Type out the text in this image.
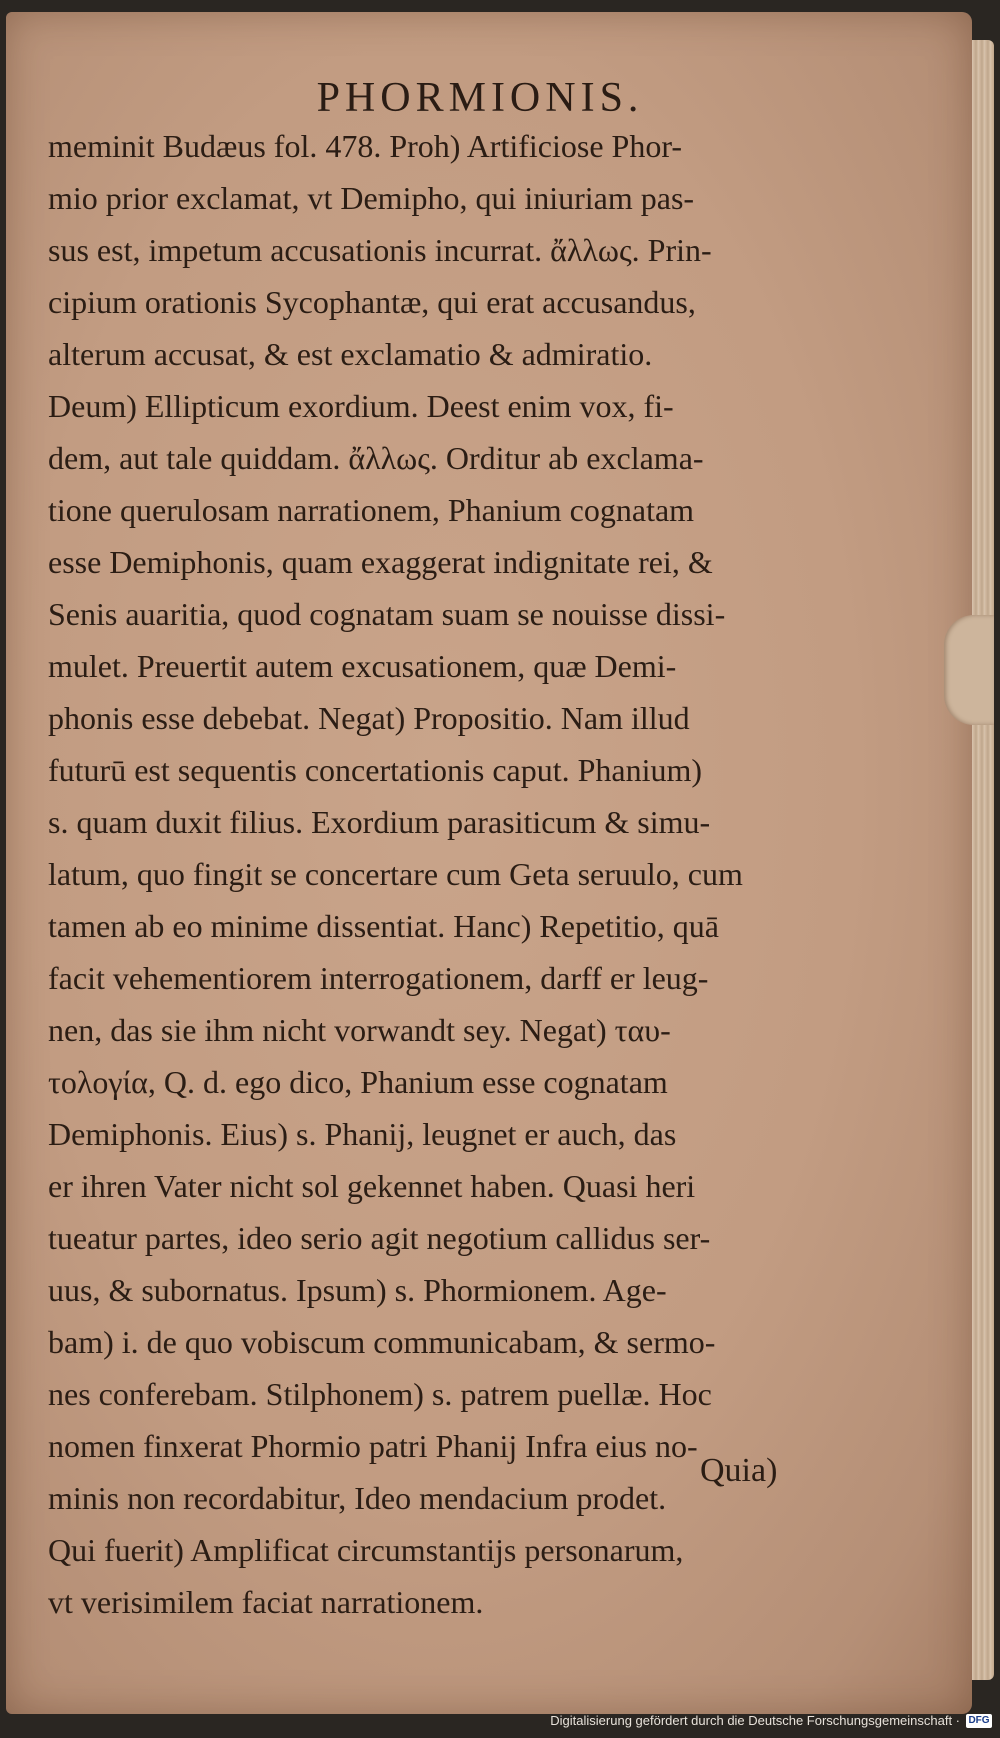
PHORMIONIS.
meminit Budæus fol. 478. Proh) Artificiose Phor-
mio prior exclamat, vt Demipho, qui iniuriam pas-
sus est, impetum accusationis incurrat. ἄλλως. Prin-
cipium orationis Sycophantæ, qui erat accusandus,
alterum accusat, & est exclamatio & admiratio.
Deum) Ellipticum exordium. Deest enim vox, fi-
dem, aut tale quiddam. ἄλλως. Orditur ab exclama-
tione querulosam narrationem, Phanium cognatam
esse Demiphonis, quam exaggerat indignitate rei, &
Senis auaritia, quod cognatam suam se nouisse dissi-
mulet. Preuertit autem excusationem, quæ Demi-
phonis esse debebat. Negat) Propositio. Nam illud
futurū est sequentis concertationis caput. Phanium)
s. quam duxit filius. Exordium parasiticum & simu-
latum, quo fingit se concertare cum Geta seruulo, cum
tamen ab eo minime dissentiat. Hanc) Repetitio, quā
facit vehementiorem interrogationem, darff er leug-
nen, das sie ihm nicht vorwandt sey. Negat) ταυ-
τολογία, Q. d. ego dico, Phanium esse cognatam
Demiphonis. Eius) s. Phanij, leugnet er auch, das
er ihren Vater nicht sol gekennet haben. Quasi heri
tueatur partes, ideo serio agit negotium callidus ser-
uus, & subornatus. Ipsum) s. Phormionem. Age-
bam) i. de quo vobiscum communicabam, & sermo-
nes conferebam. Stilphonem) s. patrem puellæ. Hoc
nomen finxerat Phormio patri Phanij Infra eius no-
minis non recordabitur, Ideo mendacium prodet.
Qui fuerit) Amplificat circumstantijs personarum,
vt verisimilem faciat narrationem.
Quia)
Digitalisierung gefördert durch die Deutsche Forschungsgemeinschaft · DFG
